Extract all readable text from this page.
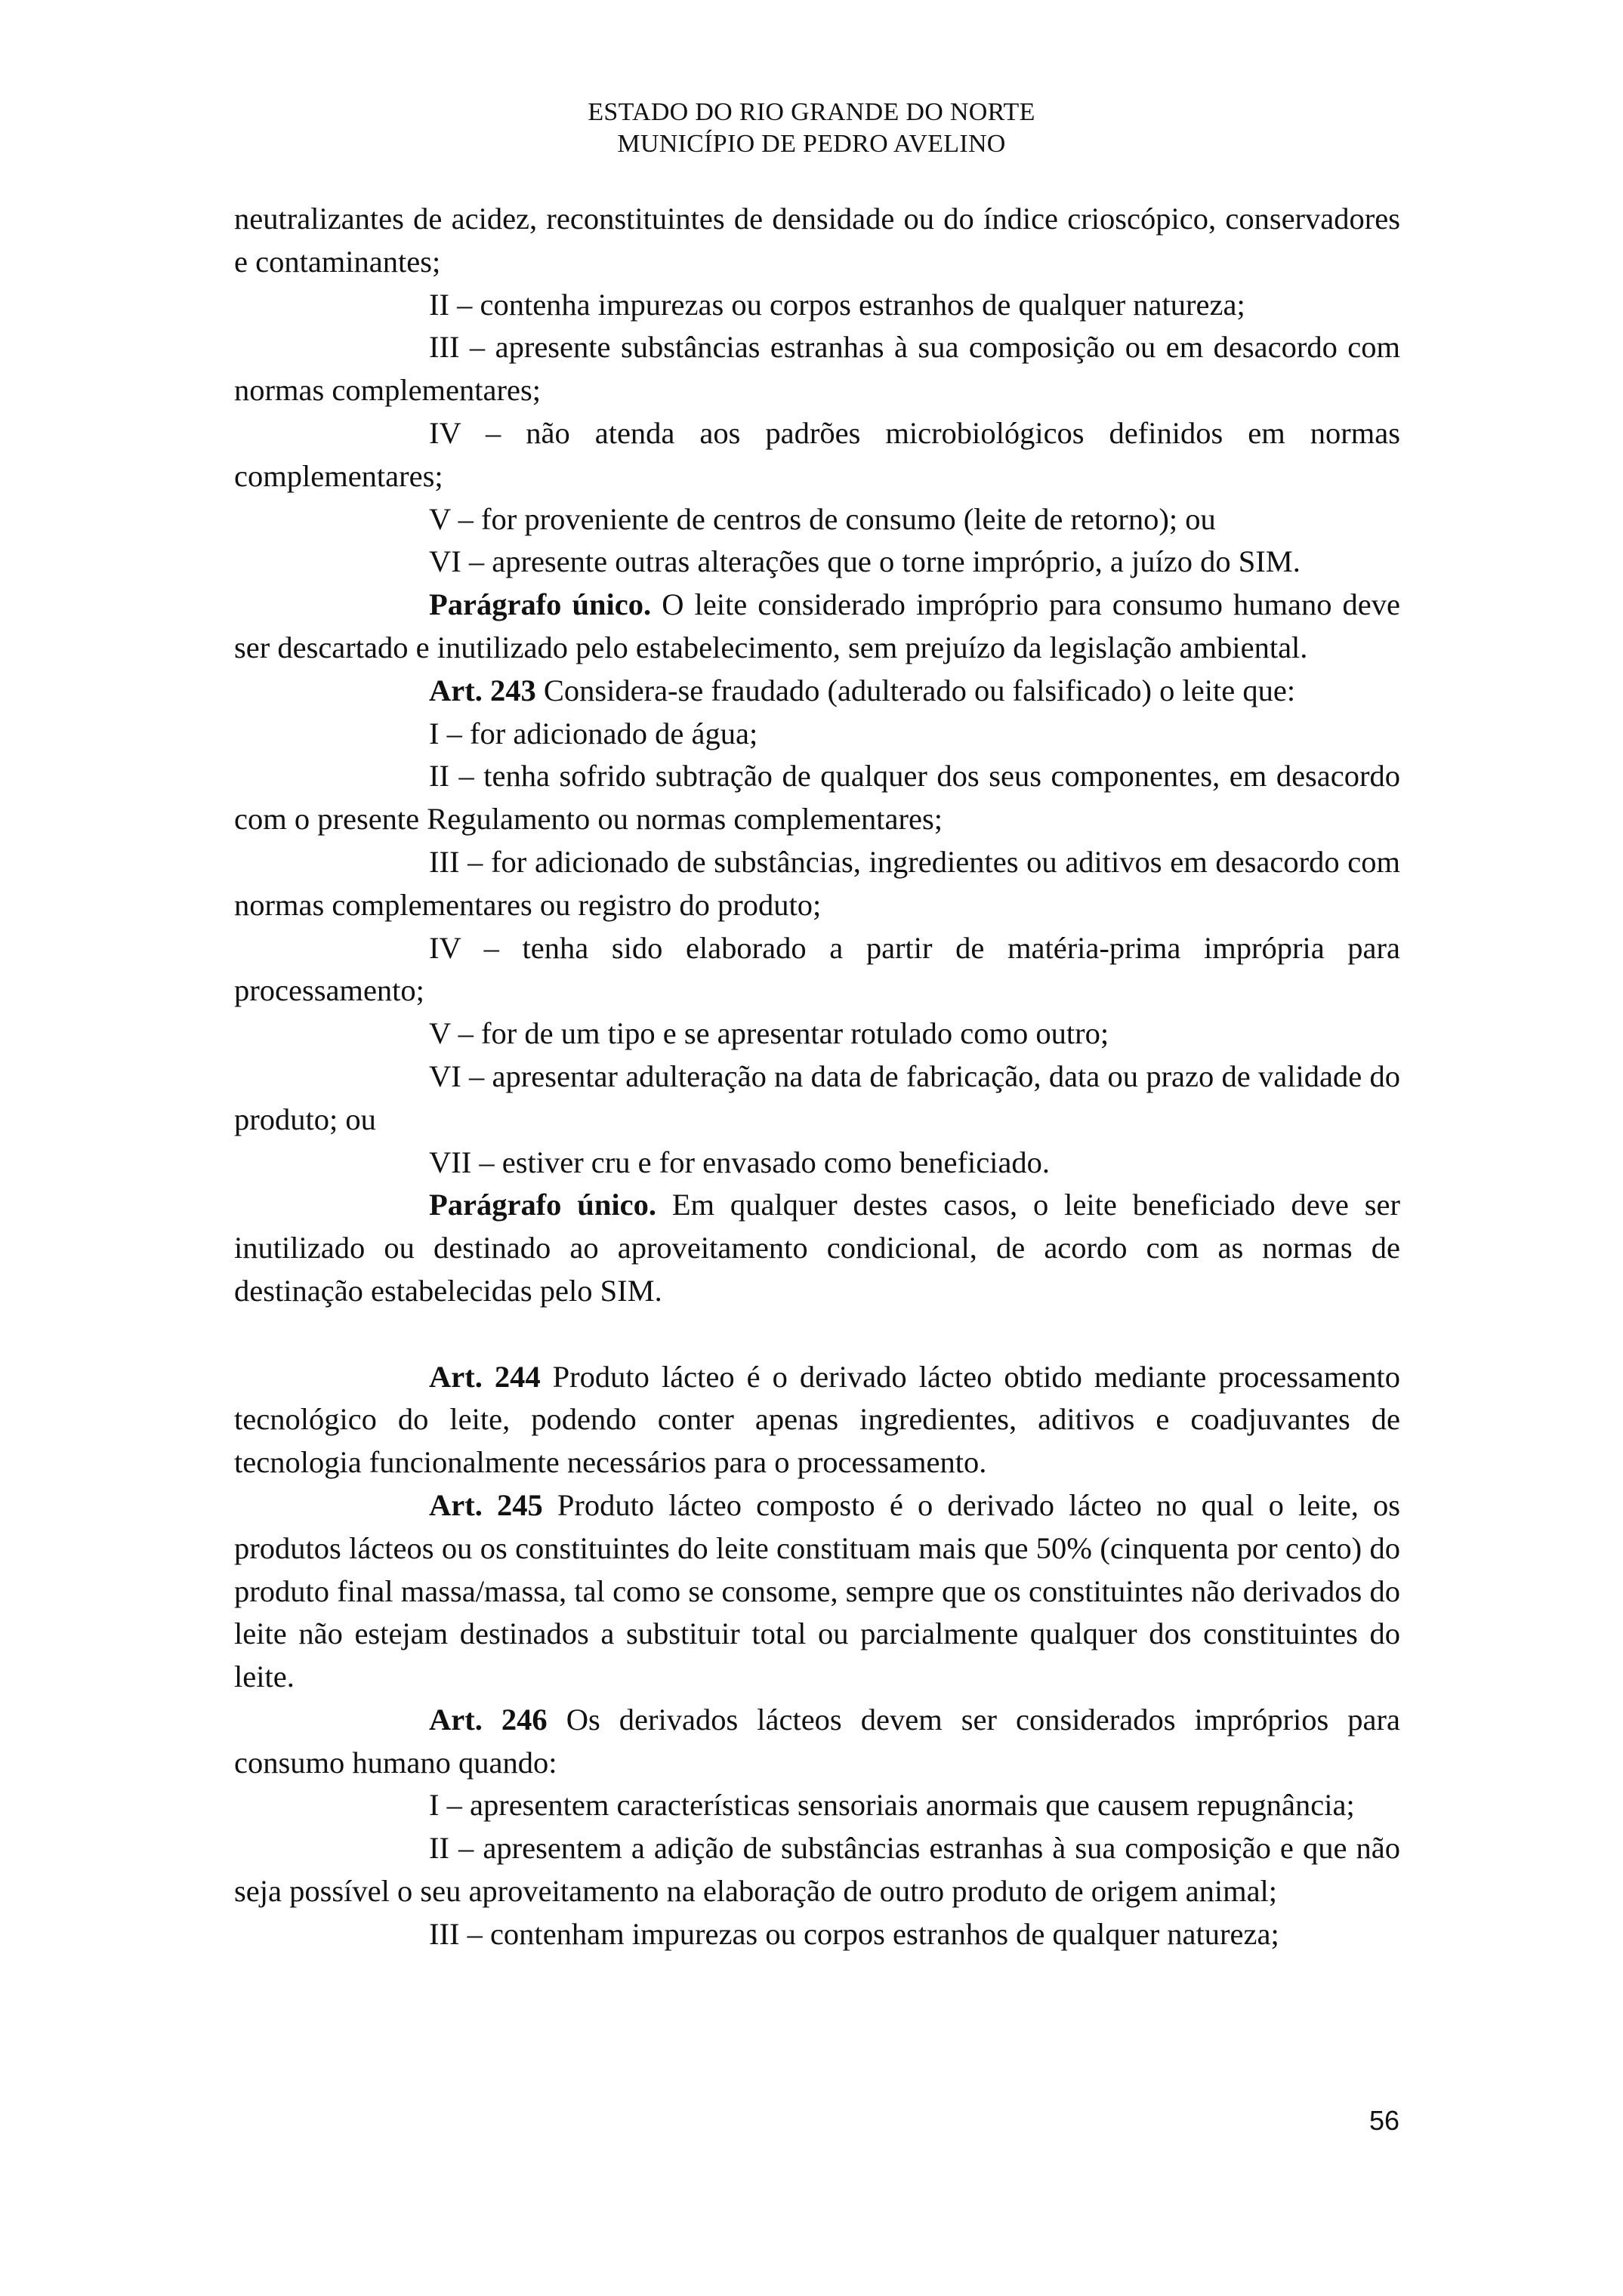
ESTADO DO RIO GRANDE DO NORTE
MUNICÍPIO DE PEDRO AVELINO

neutralizantes de acidez, reconstituintes de densidade ou do índice crioscópico, conservadores e contaminantes;

II – contenha impurezas ou corpos estranhos de qualquer natureza;

III – apresente substâncias estranhas à sua composição ou em desacordo com normas complementares;

IV – não atenda aos padrões microbiológicos definidos em normas complementares;

V – for proveniente de centros de consumo (leite de retorno); ou

VI – apresente outras alterações que o torne impróprio, a juízo do SIM.

Parágrafo único. O leite considerado impróprio para consumo humano deve ser descartado e inutilizado pelo estabelecimento, sem prejuízo da legislação ambiental.

Art. 243 Considera-se fraudado (adulterado ou falsificado) o leite que:

I – for adicionado de água;

II – tenha sofrido subtração de qualquer dos seus componentes, em desacordo com o presente Regulamento ou normas complementares;

III – for adicionado de substâncias, ingredientes ou aditivos em desacordo com normas complementares ou registro do produto;

IV – tenha sido elaborado a partir de matéria-prima imprópria para processamento;

V – for de um tipo e se apresentar rotulado como outro;

VI – apresentar adulteração na data de fabricação, data ou prazo de validade do produto; ou

VII – estiver cru e for envasado como beneficiado.

Parágrafo único. Em qualquer destes casos, o leite beneficiado deve ser inutilizado ou destinado ao aproveitamento condicional, de acordo com as normas de destinação estabelecidas pelo SIM.

Art. 244 Produto lácteo é o derivado lácteo obtido mediante processamento tecnológico do leite, podendo conter apenas ingredientes, aditivos e coadjuvantes de tecnologia funcionalmente necessários para o processamento.

Art. 245 Produto lácteo composto é o derivado lácteo no qual o leite, os produtos lácteos ou os constituintes do leite constituam mais que 50% (cinquenta por cento) do produto final massa/massa, tal como se consome, sempre que os constituintes não derivados do leite não estejam destinados a substituir total ou parcialmente qualquer dos constituintes do leite.

Art. 246 Os derivados lácteos devem ser considerados impróprios para consumo humano quando:

I – apresentem características sensoriais anormais que causem repugnância;

II – apresentem a adição de substâncias estranhas à sua composição e que não seja possível o seu aproveitamento na elaboração de outro produto de origem animal;

III – contenham impurezas ou corpos estranhos de qualquer natureza;

56
